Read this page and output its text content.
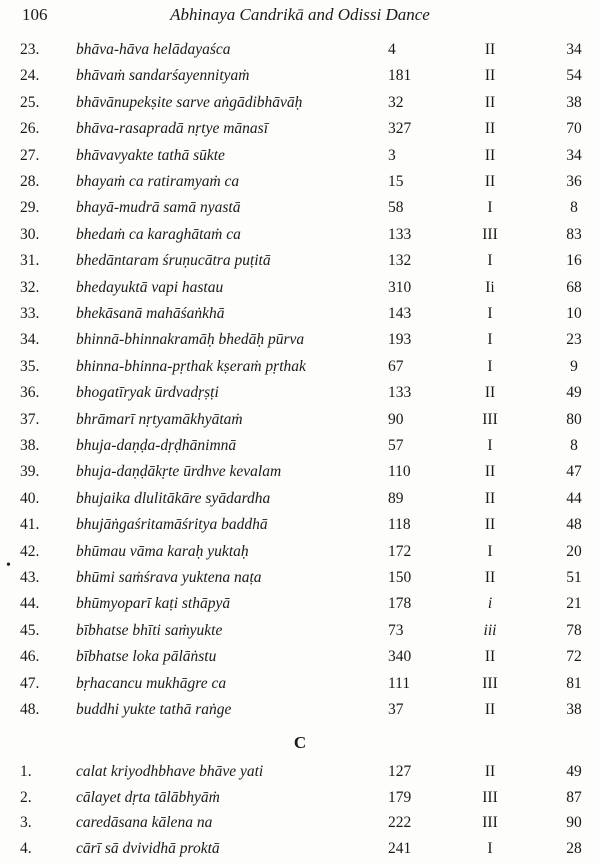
106	Abhinaya Candrikā and Odissi Dance
•
23. bhāva-hāva helādayaśca	4	II	34
24. bhāvaṁ sandarśayennityaṁ	181	II	54
25. bhāvānupekṣite sarve aṅgādibhāvāḥ	32	II	38
26. bhāva-rasapradā nṛtye mānasī	327	II	70
27. bhāvavyakte tathā sūkte	3	II	34
28. bhayaṁ ca ratiramyaṁ ca	15	II	36
29. bhayā-mudrā samā nyastā	58	I	8
30. bhedaṁ ca karaghātaṁ ca	133	III	83
31. bhedāntaram śruṇucātra puṭitā	132	I	16
32. bhedayuktā vapi hastau	310	Ii	68
33. bhekāsanā mahāśaṅkhā	143	I	10
34. bhinnā-bhinnakramāḥ bhedāḥ pūrva	193	I	23
35. bhinna-bhinna-pṛthak kṣeraṁ pṛthak	67	I	9
36. bhogatīryak ūrdvadṛṣṭi	133	II	49
37. bhrāmarī nṛtyamākhyātaṁ	90	III	80
38. bhuja-daṇḍa-dṛḍhānimnā	57	I	8
39. bhuja-daṇḍākṛte ūrdhve kevalam	110	II	47
40. bhujaika dlulitākāre syādardha	89	II	44
41. bhujāṅgaśritamāśritya baddhā	118	II	48
42. bhūmau vāma karaḥ yuktaḥ	172	I	20
43. bhūmi saṁśrava yuktena naṭa	150	II	51
44. bhūmyoparī kaṭi sthāpyā	178	i	21
45. bībhatse bhīti saṁyukte	73	iii	78
46. bībhatse loka pālāṅstu	340	II	72
47. bṛhacancu mukhāgre ca	111	III	81
48. buddhi yukte tathā raṅge	37	II	38
C
1.	calat kriyodhbhave bhāve yati	127	II	49
2.	cālayet dṛta tālābhyāṁ	179	III	87
3.	caredāsana kālena na	222	III	90
4.	cārī sā dvividhā proktā	241	I	28
